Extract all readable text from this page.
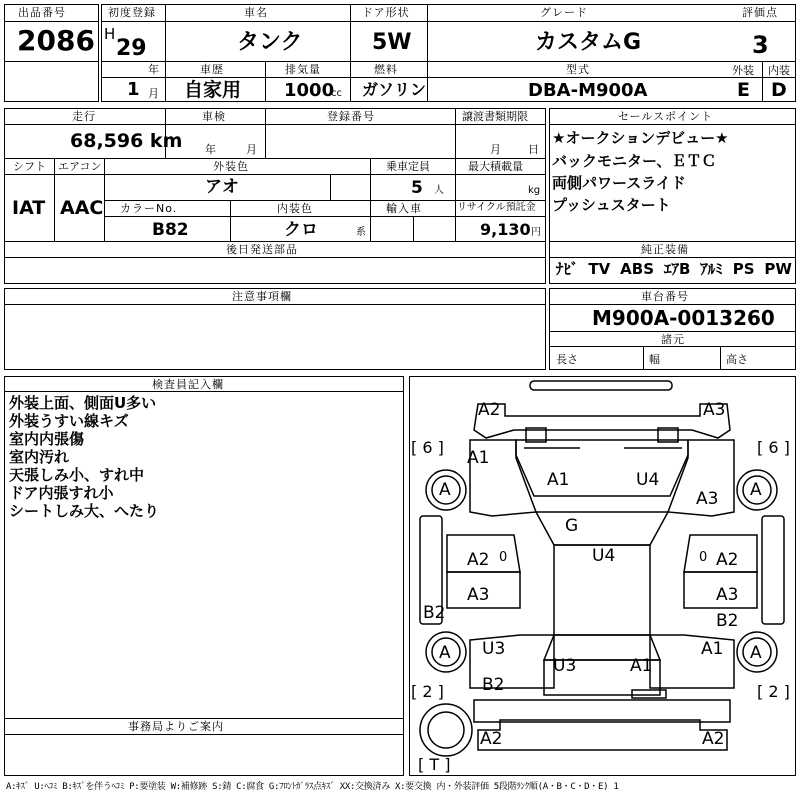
出品番号
2086
初度登録
H
29
年
1 月
車名
タンク
ドア形状
5W
グレード
カスタムG
評価点
3
車歴
自家用
排気量
1000
cc
燃料
ガソリン
型式
DBA-M900A
外装 内装
E D
走行
68,596 km
車検
年	月
登録番号	譲渡書類期限
月 日
シフト
IAT
エアコン
AAC
外装色
アオ
乗車定員
5 人
最大積載量
kg
カラーNo.
B82
内装色
クロ	系
輸入車	リサイクル預託金
9,130 円
後日発送部品
セールスポイント
★オークションデビュー★
バックモニター、ＥＴＣ
両側パワースライド
プッシュスタート
純正装備
ﾅﾋﾞ TV ABS ｴｱB ｱﾙﾐ PS PW
注意事項欄	車台番号
M900A-0013260
諸元
長さ	幅	高さ
検査員記入欄
外装上面、側面U多い
外装うすい線キズ
室内内張傷
室内汚れ
天張しみ小、すれ中
ドア内張すれ小
シートしみ大、へたり
事務局よりご案内
A2	A3
A1
A1	U4
A3
A	A
G
U4
A2 0	A2
0
A3	A3
B2	B2
A	A
U3	A1
U3	A1
B2
A2	A2
[ 6 ]	[ 6 ]
[ 2 ]	[ 2 ]
[ T ]
A:ｷｽﾞ U:ﾍｺﾐ B:ｷｽﾞを伴うﾍｺﾐ P:要塗装 W:補修跡 S:錆 C:腐食 G:ﾌﾛﾝﾄｶﾞﾗｽ点ｷｽﾞ XX:交換済み X:要交換 内・外装評価 5段階ﾗﾝｸ順(A・B・C・D・E) 1
